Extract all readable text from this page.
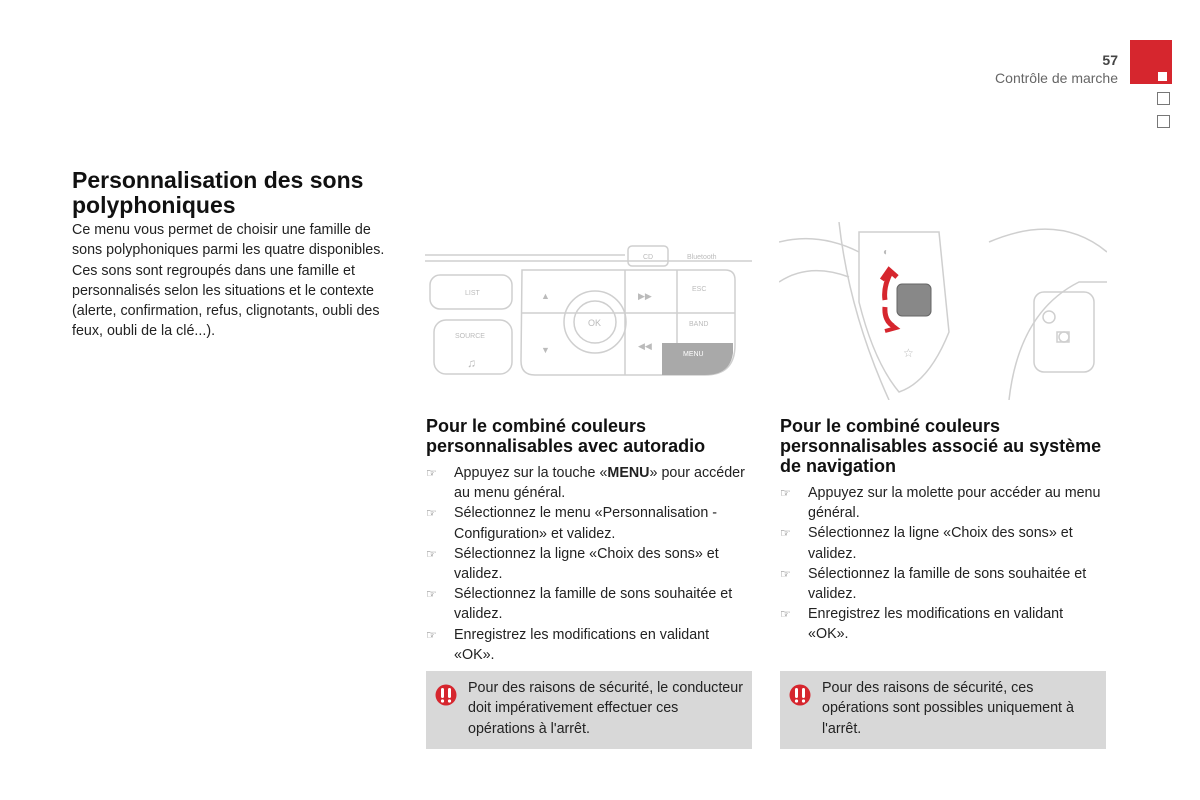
57
Contrôle de marche
Personnalisation des sons polyphoniques
Ce menu vous permet de choisir une famille de sons polyphoniques parmi les quatre disponibles. Ces sons sont regroupés dans une famille et personnalisés selon les situations et le contexte (alerte, confirmation, refus, clignotants, oubli des feux, oubli de la clé...).
CD	Bluetooth
LIST
ESC
OK	BAND
SOURCE
MENU
▲
▼
▶▶
◀◀
♫
◐
☆
Pour le combiné couleurs personnalisables avec autoradio
☞ Appuyez sur la touche «MENU» pour accéder au menu général.
☞ Sélectionnez le menu «Personnalisation - Configuration» et validez.
☞ Sélectionnez la ligne «Choix des sons» et validez.
☞ Sélectionnez la famille de sons souhaitée et validez.
☞ Enregistrez les modifications en validant «OK».
Pour des raisons de sécurité, le conducteur doit impérativement effectuer ces opérations à l'arrêt.
Pour le combiné couleurs personnalisables associé au système de navigation
☞ Appuyez sur la molette pour accéder au menu général.
☞ Sélectionnez la ligne «Choix des sons» et validez.
☞ Sélectionnez la famille de sons souhaitée et validez.
☞ Enregistrez les modifications en validant «OK».
Pour des raisons de sécurité, ces opérations sont possibles uniquement à l'arrêt.
